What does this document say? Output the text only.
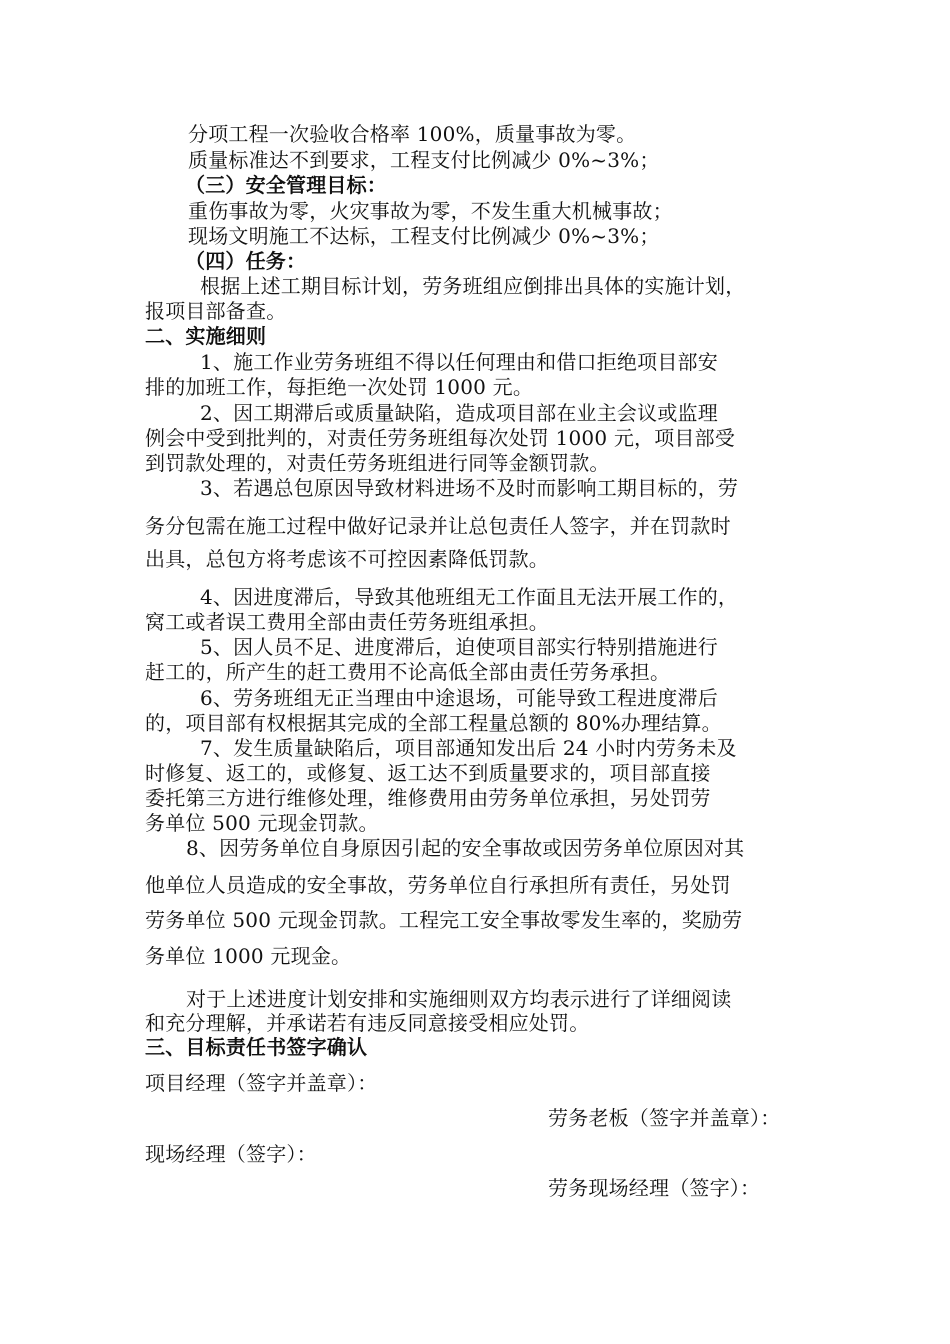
分项工程一次验收合格率 100%，质量事故为零。
质量标准达不到要求，工程支付比例减少 0%~3%；
（三）安全管理目标：
重伤事故为零，火灾事故为零，不发生重大机械事故；
现场文明施工不达标，工程支付比例减少 0%~3%；
（四）任务：
根据上述工期目标计划，劳务班组应倒排出具体的实施计划，
报项目部备查。
二、实施细则
1、施工作业劳务班组不得以任何理由和借口拒绝项目部安
排的加班工作，每拒绝一次处罚 1000 元。
2、因工期滞后或质量缺陷，造成项目部在业主会议或监理
例会中受到批判的，对责任劳务班组每次处罚 1000 元，项目部受
到罚款处理的，对责任劳务班组进行同等金额罚款。
3、若遇总包原因导致材料进场不及时而影响工期目标的，劳
务分包需在施工过程中做好记录并让总包责任人签字，并在罚款时
出具，总包方将考虑该不可控因素降低罚款。
4、因进度滞后，导致其他班组无工作面且无法开展工作的，
窝工或者误工费用全部由责任劳务班组承担。
5、因人员不足、进度滞后，迫使项目部实行特别措施进行
赶工的，所产生的赶工费用不论高低全部由责任劳务承担。
6、劳务班组无正当理由中途退场，可能导致工程进度滞后
的，项目部有权根据其完成的全部工程量总额的 80%办理结算。
7、发生质量缺陷后，项目部通知发出后 24 小时内劳务未及
时修复、返工的，或修复、返工达不到质量要求的，项目部直接
委托第三方进行维修处理，维修费用由劳务单位承担，另处罚劳
务单位 500 元现金罚款。
8、因劳务单位自身原因引起的安全事故或因劳务单位原因对其
他单位人员造成的安全事故，劳务单位自行承担所有责任，另处罚
劳务单位 500 元现金罚款。工程完工安全事故零发生率的，奖励劳
务单位 1000 元现金。
对于上述进度计划安排和实施细则双方均表示进行了详细阅读
和充分理解，并承诺若有违反同意接受相应处罚。
三、目标责任书签字确认
项目经理（签字并盖章）：
劳务老板（签字并盖章）：
现场经理（签字）：
劳务现场经理（签字）：
